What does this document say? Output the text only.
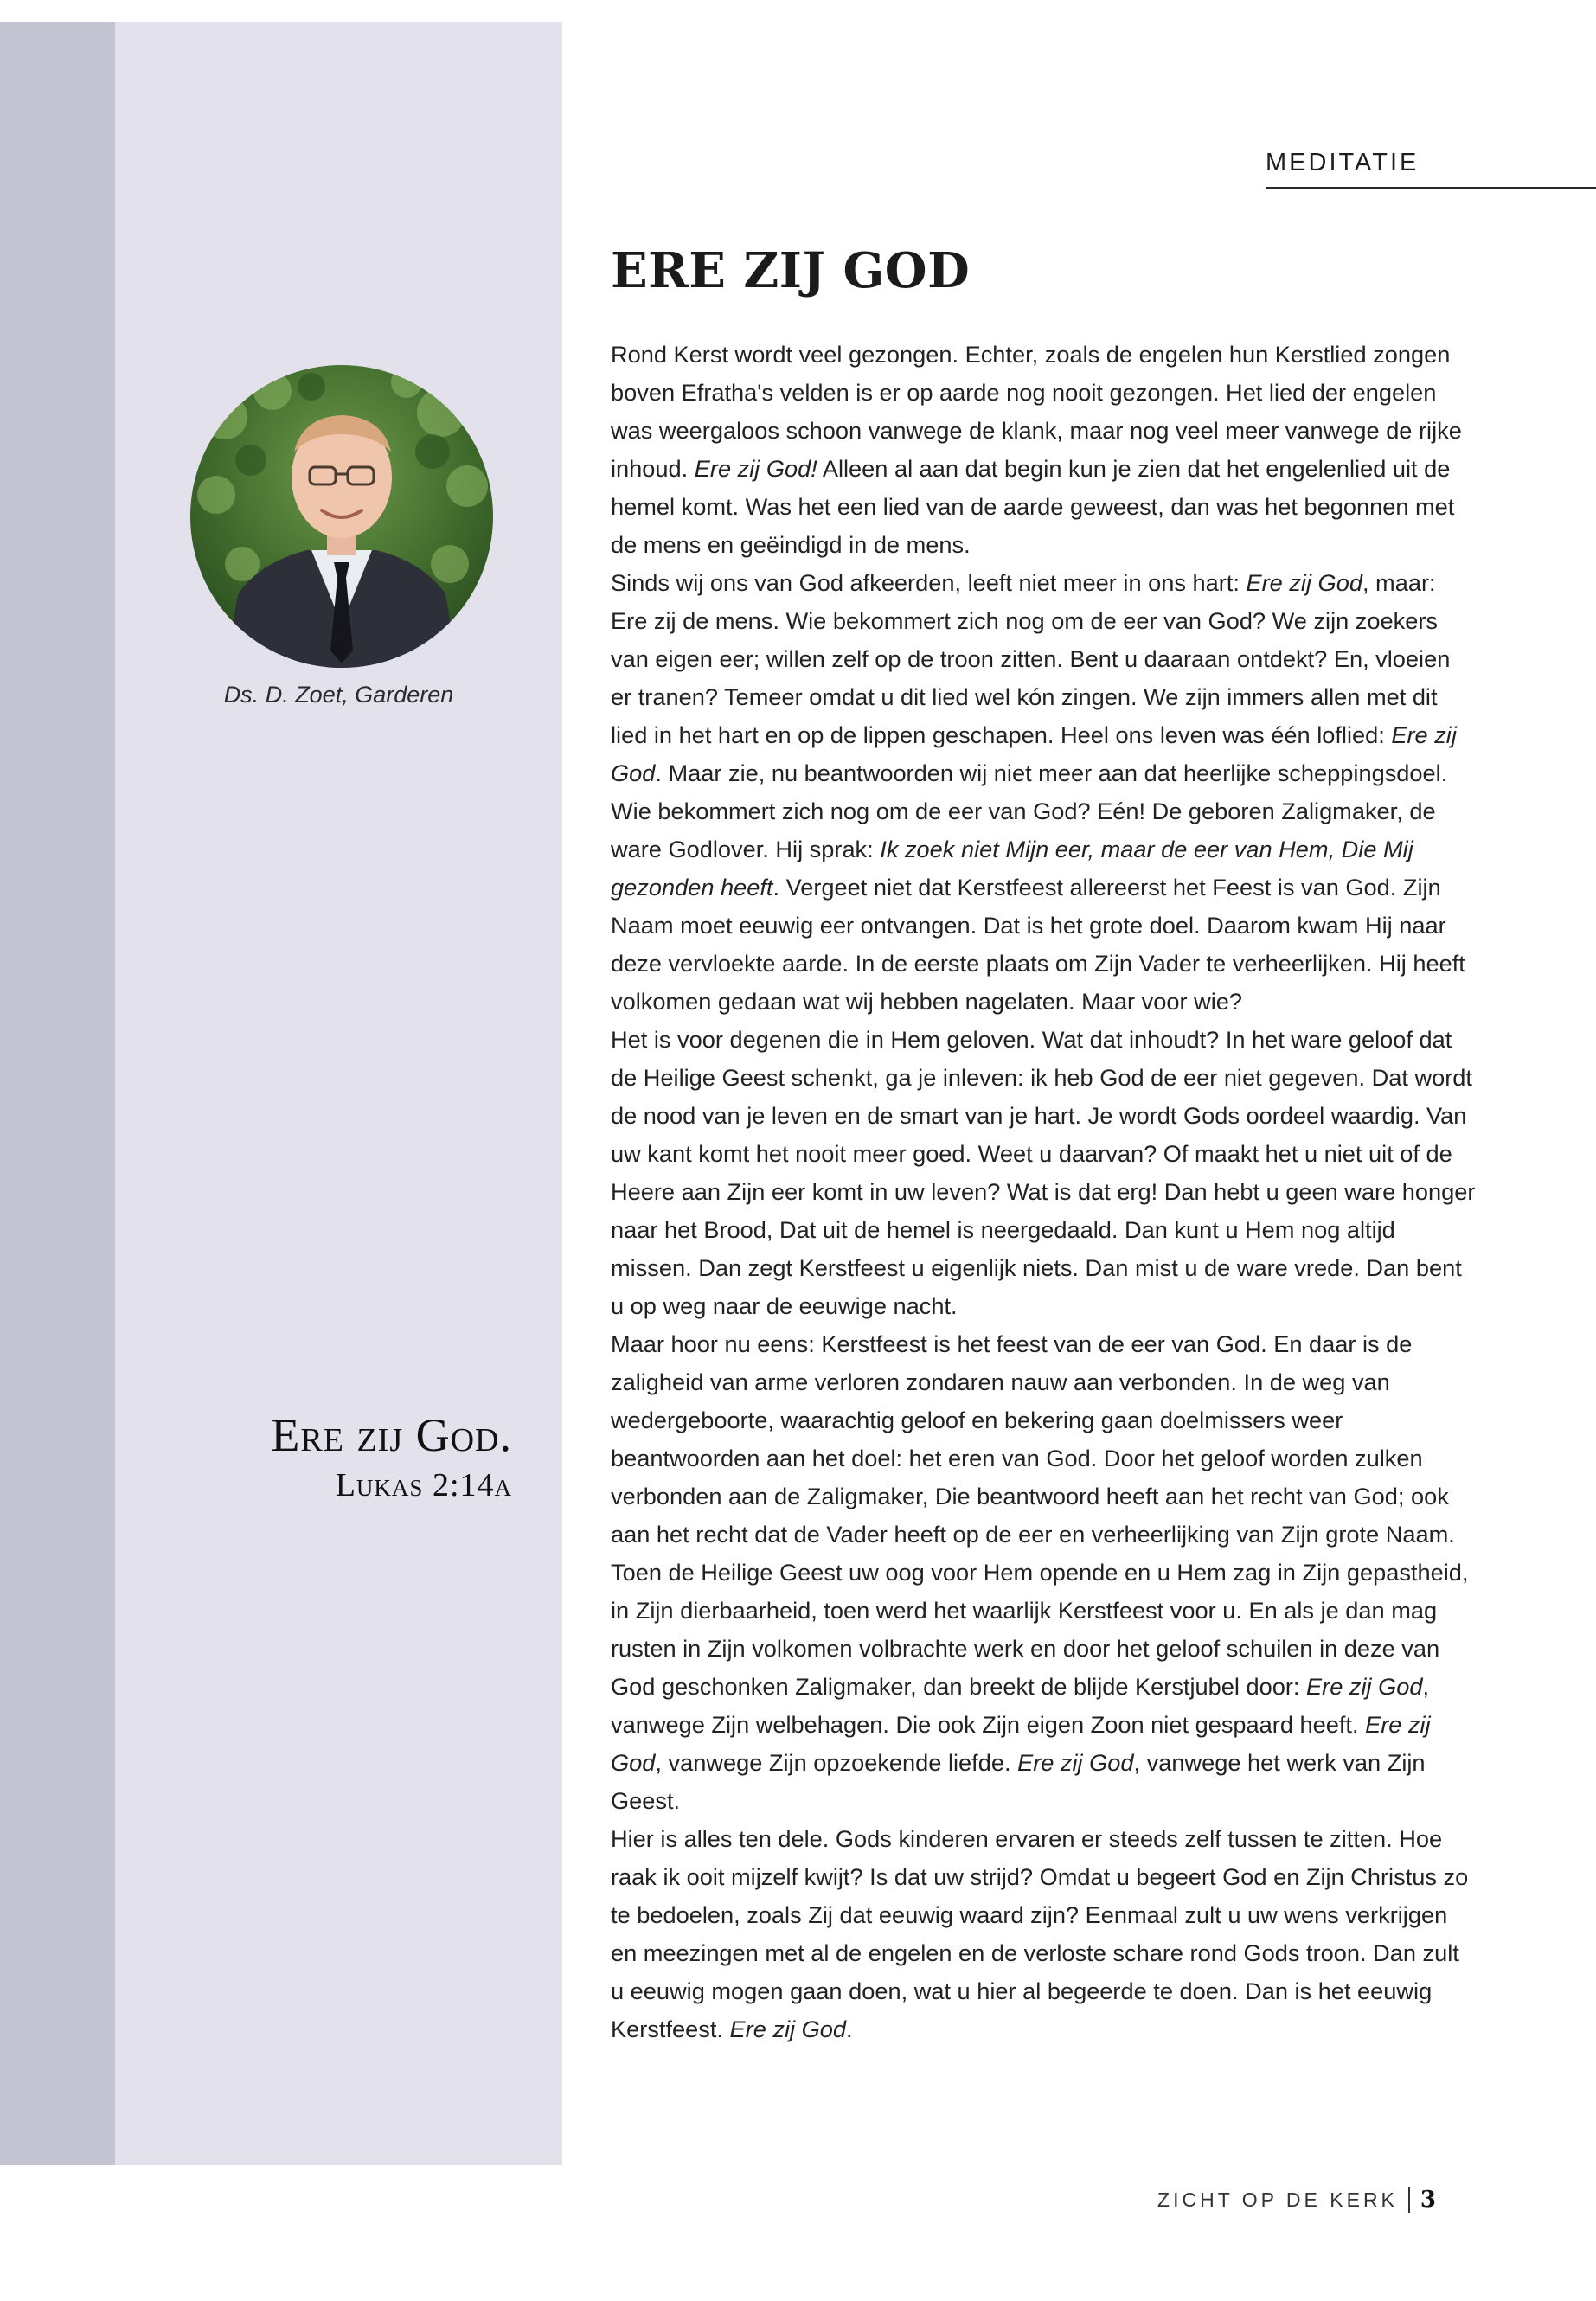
MEDITATIE
ERE ZIJ GOD
Ds. D. Zoet, Garderen
Ere zij God.
Lukas 2:14a

Rond Kerst wordt veel gezongen. Echter, zoals de engelen hun Kerstlied zongen boven Efratha's velden is er op aarde nog nooit gezongen. Het lied der engelen was weergaloos schoon vanwege de klank, maar nog veel meer vanwege de rijke inhoud. Ere zij God! Alleen al aan dat begin kun je zien dat het engelenlied uit de hemel komt. Was het een lied van de aarde geweest, dan was het begonnen met de mens en geëindigd in de mens.

Sinds wij ons van God afkeerden, leeft niet meer in ons hart: Ere zij God, maar: Ere zij de mens. Wie bekommert zich nog om de eer van God? We zijn zoekers van eigen eer; willen zelf op de troon zitten. Bent u daaraan ontdekt? En, vloeien er tranen? Temeer omdat u dit lied wel kón zingen. We zijn immers allen met dit lied in het hart en op de lippen geschapen. Heel ons leven was één loflied: Ere zij God. Maar zie, nu beantwoorden wij niet meer aan dat heerlijke scheppingsdoel.

Wie bekommert zich nog om de eer van God? Eén! De geboren Zaligmaker, de ware Godlover. Hij sprak: Ik zoek niet Mijn eer, maar de eer van Hem, Die Mij gezonden heeft. Vergeet niet dat Kerstfeest allereerst het Feest is van God. Zijn Naam moet eeuwig eer ontvangen. Dat is het grote doel. Daarom kwam Hij naar deze vervloekte aarde. In de eerste plaats om Zijn Vader te verheerlijken. Hij heeft volkomen gedaan wat wij hebben nagelaten. Maar voor wie?

Het is voor degenen die in Hem geloven. Wat dat inhoudt? In het ware geloof dat de Heilige Geest schenkt, ga je inleven: ik heb God de eer niet gegeven. Dat wordt de nood van je leven en de smart van je hart. Je wordt Gods oordeel waardig. Van uw kant komt het nooit meer goed. Weet u daarvan? Of maakt het u niet uit of de Heere aan Zijn eer komt in uw leven? Wat is dat erg! Dan hebt u geen ware honger naar het Brood, Dat uit de hemel is neergedaald. Dan kunt u Hem nog altijd missen. Dan zegt Kerstfeest u eigenlijk niets. Dan mist u de ware vrede. Dan bent u op weg naar de eeuwige nacht.

Maar hoor nu eens: Kerstfeest is het feest van de eer van God. En daar is de zaligheid van arme verloren zondaren nauw aan verbonden. In de weg van wedergeboorte, waarachtig geloof en bekering gaan doelmissers weer beantwoorden aan het doel: het eren van God. Door het geloof worden zulken verbonden aan de Zaligmaker, Die beantwoord heeft aan het recht van God; ook aan het recht dat de Vader heeft op de eer en verheerlijking van Zijn grote Naam. Toen de Heilige Geest uw oog voor Hem opende en u Hem zag in Zijn gepastheid, in Zijn dierbaarheid, toen werd het waarlijk Kerstfeest voor u. En als je dan mag rusten in Zijn volkomen volbrachte werk en door het geloof schuilen in deze van God geschonken Zaligmaker, dan breekt de blijde Kerstjubel door: Ere zij God, vanwege Zijn welbehagen. Die ook Zijn eigen Zoon niet gespaard heeft. Ere zij God, vanwege Zijn opzoekende liefde. Ere zij God, vanwege het werk van Zijn Geest.

Hier is alles ten dele. Gods kinderen ervaren er steeds zelf tussen te zitten. Hoe raak ik ooit mijzelf kwijt? Is dat uw strijd? Omdat u begeert God en Zijn Christus zo te bedoelen, zoals Zij dat eeuwig waard zijn? Eenmaal zult u uw wens verkrijgen en meezingen met al de engelen en de verloste schare rond Gods troon. Dan zult u eeuwig mogen gaan doen, wat u hier al begeerde te doen. Dan is het eeuwig Kerstfeest. Ere zij God.

ZICHT OP DE KERK 3
